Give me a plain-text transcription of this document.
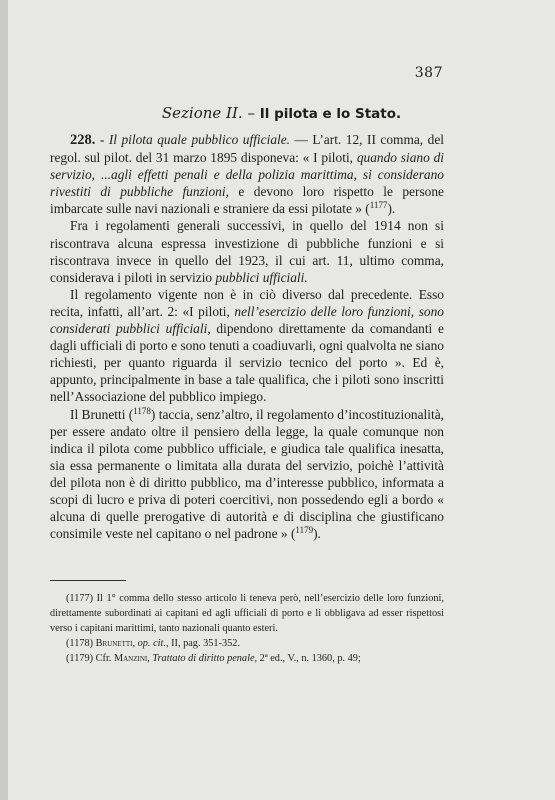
387
Sezione II. – Il pilota e lo Stato.

228. - Il pilota quale pubblico ufficiale. — L’art. 12, II comma, del regol. sul pilot. del 31 marzo 1895 disponeva: « I piloti, quando siano di servizio, ...agli effetti penali e della polizia marittima, si considerano rivestiti di pubbliche funzioni, e devono loro rispetto le persone imbarcate sulle navi nazionali e straniere da essi pilotate » ($^{1177}$).

Fra i regolamenti generali successivi, in quello del 1914 non si riscontrava alcuna espressa investizione di pubbliche funzioni e si riscontrava invece in quello del 1923, il cui art. 11, ultimo comma, considerava i piloti in servizio pubblici ufficiali.

Il regolamento vigente non è in ciò diverso dal precedente. Esso recita, infatti, all’art. 2: «I piloti, nell’esercizio delle loro funzioni, sono considerati pubblici ufficiali, dipendono direttamente da comandanti e dagli ufficiali di porto e sono tenuti a coadiuvarli, ogni qualvolta ne siano richiesti, per quanto riguarda il servizio tecnico del porto ». Ed è, appunto, principalmente in base a tale qualifica, che i piloti sono inscritti nell’Associazione del pubblico impiego.

Il Brunetti ($^{1178}$) taccia, senz’altro, il regolamento d’incostituzionalità, per essere andato oltre il pensiero della legge, la quale comunque non indica il pilota come pubblico ufficiale, e giudica tale qualifica inesatta, sia essa permanente o limitata alla durata del servizio, poichè l’attività del pilota non è di diritto pubblico, ma d’interesse pubblico, informata a scopi di lucro e priva di poteri coercitivi, non possedendo egli a bordo « alcuna di quelle prerogative di autorità e di disciplina che giustificano consimile veste nel capitano o nel padrone » ($^{1179}$).

(1177) Il 1° comma dello stesso articolo li teneva però, nell’esercizio delle loro funzioni, direttamente subordinati ai capitani ed agli ufficiali di porto e li obbligava ad esser rispettosi verso i capitani marittimi, tanto nazionali quanto esteri.

(1178) Brunetti, op. cit., II, pag. 351-352.

(1179) Cfr. Manzini, Trattato di diritto penale, 2ª ed., V., n. 1360, p. 49;
